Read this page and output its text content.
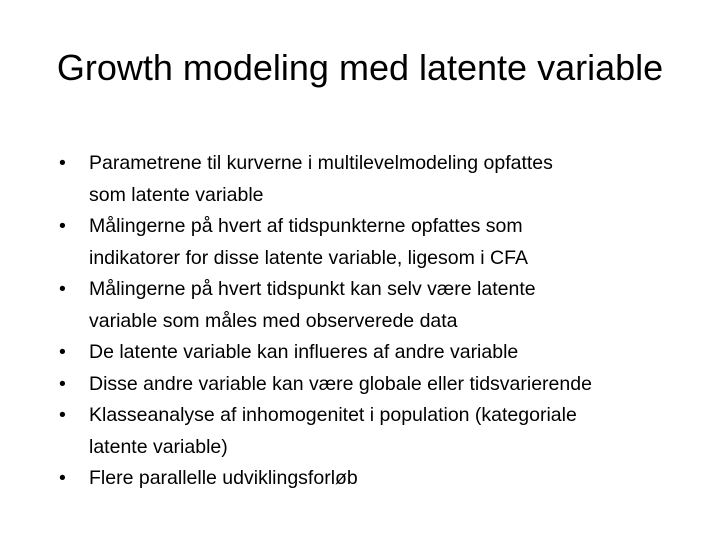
Growth modeling med latente variable
• Parametrene til kurverne i multilevelmodeling opfattes
som latente variable
• Målingerne på hvert af tidspunkterne opfattes som
indikatorer for disse latente variable, ligesom i CFA
• Målingerne på hvert tidspunkt kan selv være latente
variable som måles med observerede data
• De latente variable kan influeres af andre variable
• Disse andre variable kan være globale eller tidsvarierende
• Klasseanalyse af inhomogenitet i population (kategoriale
latente variable)
• Flere parallelle udviklingsforløb
